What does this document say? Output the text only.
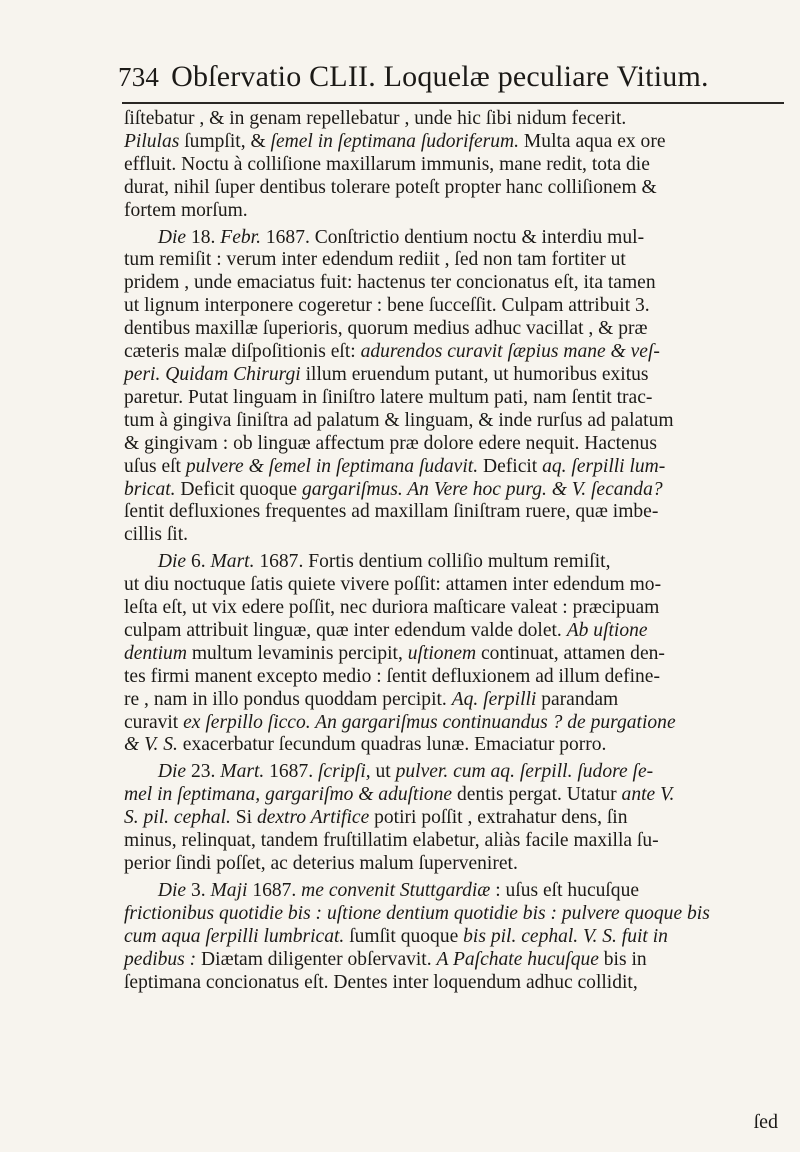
734 Obſervatio CLII. Loquelæ peculiare Vitium.
ſiſtebatur , & in genam repellebatur , unde hic ſibi nidum fecerit.
Pilulas ſumpſit, & ſemel in ſeptimana ſudoriferum. Multa aqua ex ore
effluit. Noctu à colliſione maxillarum immunis, mane redit, tota die
durat, nihil ſuper dentibus tolerare poteſt propter hanc colliſionem &
fortem morſum.
Die 18. Febr. 1687. Conſtrictio dentium noctu & interdiu mul-
tum remiſit : verum inter edendum rediit , ſed non tam fortiter ut
pridem , unde emaciatus fuit: hactenus ter concionatus eſt, ita tamen
ut lignum interponere cogeretur : bene ſucceſſit. Culpam attribuit 3.
dentibus maxillæ ſuperioris, quorum medius adhuc vacillat , & præ
cæteris malæ diſpoſitionis eſt: adurendos curavit ſæpius mane & veſ-
peri. Quidam Chirurgi illum eruendum putant, ut humoribus exitus
paretur. Putat linguam in ſiniſtro latere multum pati, nam ſentit trac-
tum à gingiva ſiniſtra ad palatum & linguam, & inde rurſus ad palatum
& gingivam : ob linguæ affectum præ dolore edere nequit. Hactenus
uſus eſt pulvere & ſemel in ſeptimana ſudavit. Deficit aq. ſerpilli lum-
bricat. Deficit quoque gargariſmus. An Vere hoc purg. & V. ſecanda?
ſentit defluxiones frequentes ad maxillam ſiniſtram ruere, quæ imbe-
cillis ſit.
Die 6. Mart. 1687. Fortis dentium colliſio multum remiſit,
ut diu noctuque ſatis quiete vivere poſſit: attamen inter edendum mo-
leſta eſt, ut vix edere poſſit, nec duriora maſticare valeat : præcipuam
culpam attribuit linguæ, quæ inter edendum valde dolet. Ab uſtione
dentium multum levaminis percipit, uſtionem continuat, attamen den-
tes firmi manent excepto medio : ſentit defluxionem ad illum define-
re , nam in illo pondus quoddam percipit. Aq. ſerpilli parandam
curavit ex ſerpillo ſicco. An gargariſmus continuandus ? de purgatione
& V. S. exacerbatur ſecundum quadras lunæ. Emaciatur porro.
Die 23. Mart. 1687. ſcripſi, ut pulver. cum aq. ſerpill. ſudore ſe-
mel in ſeptimana, gargariſmo & aduſtione dentis pergat. Utatur ante V.
S. pil. cephal. Si dextro Artifice potiri poſſit , extrahatur dens, ſin
minus, relinquat, tandem fruſtillatim elabetur, aliàs facile maxilla ſu-
perior ſindi poſſet, ac deterius malum ſuperveniret.
Die 3. Maji 1687. me convenit Stuttgardiæ : uſus eſt hucuſque
frictionibus quotidie bis : uſtione dentium quotidie bis : pulvere quoque bis
cum aqua ſerpilli lumbricat. ſumſit quoque bis pil. cephal. V. S. fuit in
pedibus : Diætam diligenter obſervavit. A Paſchate hucuſque bis in
ſeptimana concionatus eſt. Dentes inter loquendum adhuc collidit,
ſed
